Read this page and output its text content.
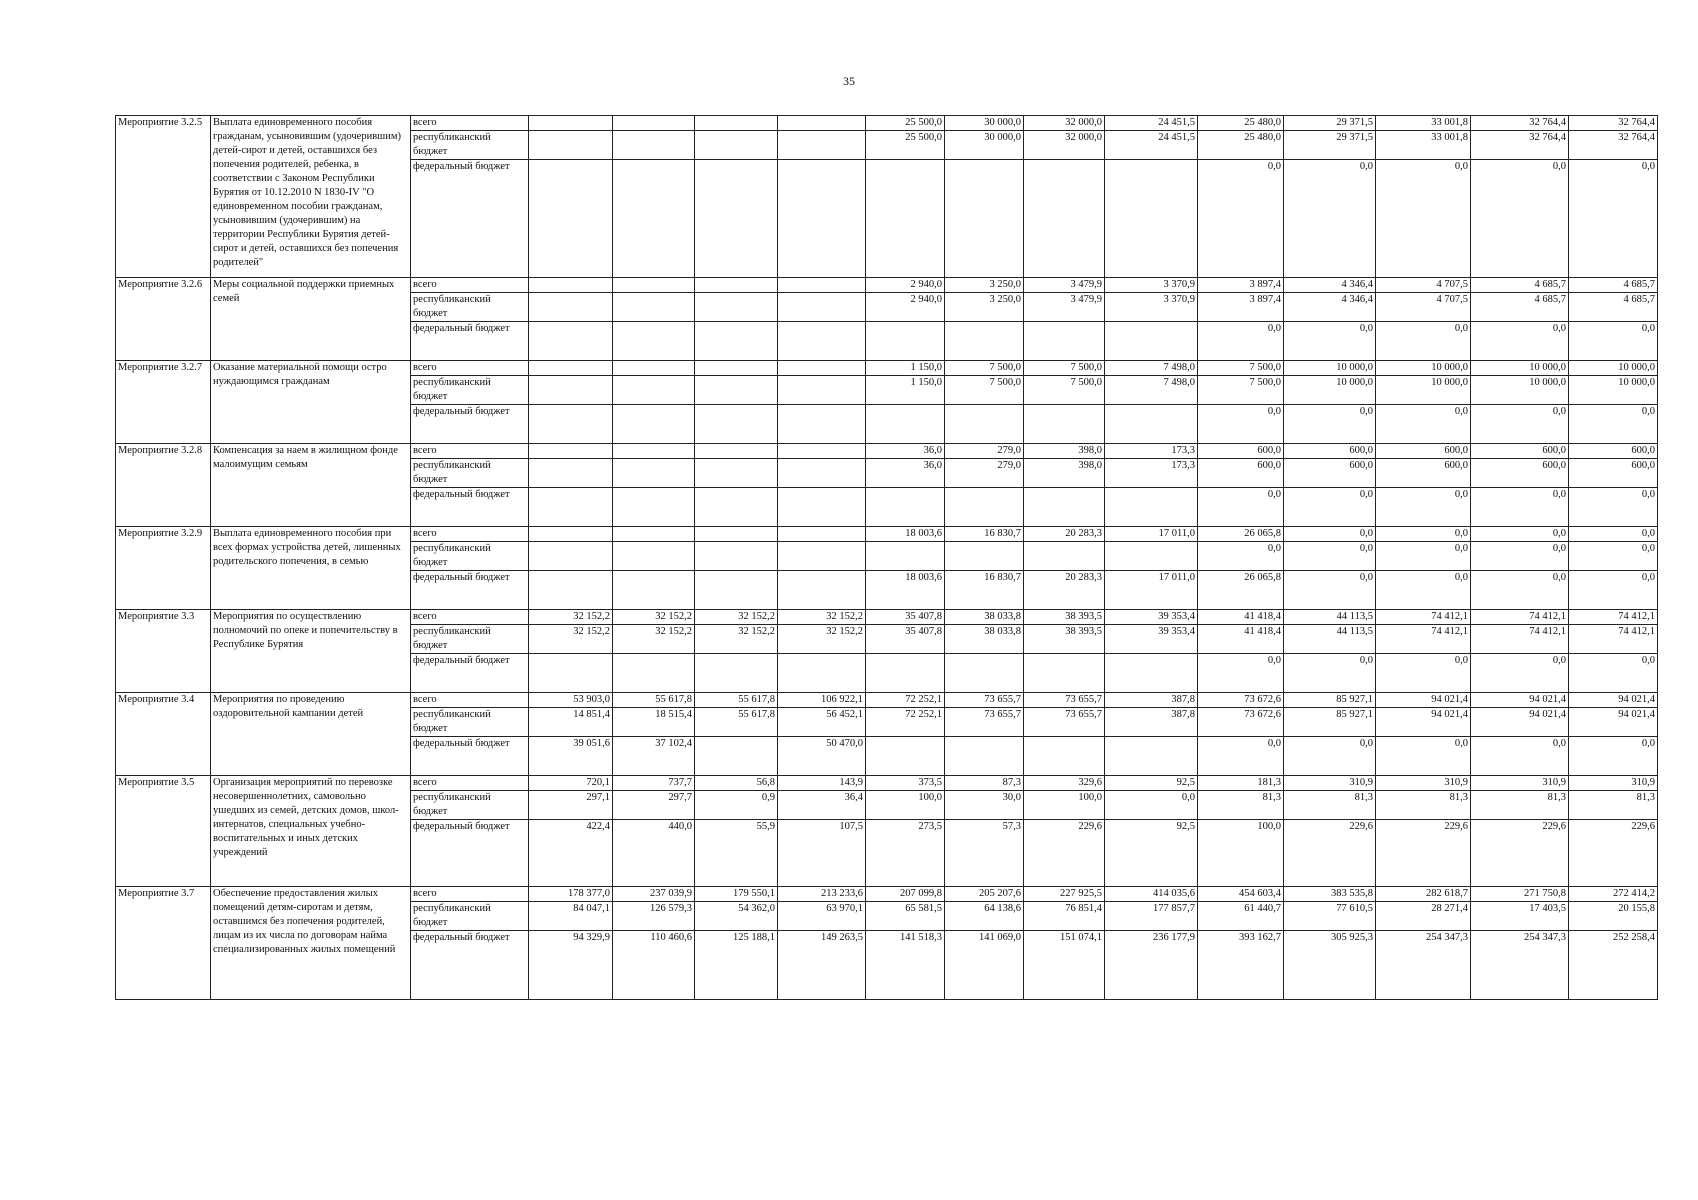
35
Мероприятие 3.2.5	Выплата единовременного пособия гражданам, усыновившим (удочерившим) детей-сирот и детей, оставшихся без попечения родителей, ребенка, в соответствии с Законом Республики Бурятия от 10.12.2010 N 1830-IV "О единовременном пособии гражданам, усыновившим (удочерившим) на территории Республики Бурятия детей-сирот и детей, оставшихся без попечения родителей"	всего					25 500,0	30 000,0	32 000,0	24 451,5	25 480,0	29 371,5	33 001,8	32 764,4	32 764,4
		республиканский бюджет					25 500,0	30 000,0	32 000,0	24 451,5	25 480,0	29 371,5	33 001,8	32 764,4	32 764,4
		федеральный бюджет									0,0	0,0	0,0	0,0	0,0
Мероприятие 3.2.6	Меры социальной поддержки приемных семей	всего					2 940,0	3 250,0	3 479,9	3 370,9	3 897,4	4 346,4	4 707,5	4 685,7	4 685,7
		республиканский бюджет					2 940,0	3 250,0	3 479,9	3 370,9	3 897,4	4 346,4	4 707,5	4 685,7	4 685,7
		федеральный бюджет									0,0	0,0	0,0	0,0	0,0
Мероприятие 3.2.7	Оказание материальной помощи остро нуждающимся гражданам	всего					1 150,0	7 500,0	7 500,0	7 498,0	7 500,0	10 000,0	10 000,0	10 000,0	10 000,0
		республиканский бюджет					1 150,0	7 500,0	7 500,0	7 498,0	7 500,0	10 000,0	10 000,0	10 000,0	10 000,0
		федеральный бюджет									0,0	0,0	0,0	0,0	0,0
Мероприятие 3.2.8	Компенсация за наем в жилищном фонде малоимущим семьям	всего					36,0	279,0	398,0	173,3	600,0	600,0	600,0	600,0	600,0
		республиканский бюджет					36,0	279,0	398,0	173,3	600,0	600,0	600,0	600,0	600,0
		федеральный бюджет									0,0	0,0	0,0	0,0	0,0
Мероприятие 3.2.9	Выплата единовременного пособия при всех формах устройства детей, лишенных родительского попечения, в семью	всего					18 003,6	16 830,7	20 283,3	17 011,0	26 065,8	0,0	0,0	0,0	0,0
		республиканский бюджет									0,0	0,0	0,0	0,0	0,0
		федеральный бюджет					18 003,6	16 830,7	20 283,3	17 011,0	26 065,8	0,0	0,0	0,0	0,0
Мероприятие 3.3	Мероприятия по осуществлению полномочий по опеке и попечительству в Республике Бурятия	всего	32 152,2	32 152,2	32 152,2	32 152,2	35 407,8	38 033,8	38 393,5	39 353,4	41 418,4	44 113,5	74 412,1	74 412,1	74 412,1
		республиканский бюджет	32 152,2	32 152,2	32 152,2	32 152,2	35 407,8	38 033,8	38 393,5	39 353,4	41 418,4	44 113,5	74 412,1	74 412,1	74 412,1
		федеральный бюджет									0,0	0,0	0,0	0,0	0,0
Мероприятие 3.4	Мероприятия по проведению оздоровительной кампании детей	всего	53 903,0	55 617,8	55 617,8	106 922,1	72 252,1	73 655,7	73 655,7	387,8	73 672,6	85 927,1	94 021,4	94 021,4	94 021,4
		республиканский бюджет	14 851,4	18 515,4	55 617,8	56 452,1	72 252,1	73 655,7	73 655,7	387,8	73 672,6	85 927,1	94 021,4	94 021,4	94 021,4
		федеральный бюджет	39 051,6	37 102,4		50 470,0					0,0	0,0	0,0	0,0	0,0
Мероприятие 3.5	Организация мероприятий по перевозке несовершеннолетних, самовольно ушедших из семей, детских домов, школ-интернатов, специальных учебно-воспитательных и иных детских учреждений	всего	720,1	737,7	56,8	143,9	373,5	87,3	329,6	92,5	181,3	310,9	310,9	310,9	310,9
		республиканский бюджет	297,1	297,7	0,9	36,4	100,0	30,0	100,0	0,0	81,3	81,3	81,3	81,3	81,3
		федеральный бюджет	422,4	440,0	55,9	107,5	273,5	57,3	229,6	92,5	100,0	229,6	229,6	229,6	229,6
Мероприятие 3.7	Обеспечение предоставления жилых помещений детям-сиротам и детям, оставшимся без попечения родителей, лицам из их числа по договорам найма специализированных жилых помещений	всего	178 377,0	237 039,9	179 550,1	213 233,6	207 099,8	205 207,6	227 925,5	414 035,6	454 603,4	383 535,8	282 618,7	271 750,8	272 414,2
		республиканский бюджет	84 047,1	126 579,3	54 362,0	63 970,1	65 581,5	64 138,6	76 851,4	177 857,7	61 440,7	77 610,5	28 271,4	17 403,5	20 155,8
		федеральный бюджет	94 329,9	110 460,6	125 188,1	149 263,5	141 518,3	141 069,0	151 074,1	236 177,9	393 162,7	305 925,3	254 347,3	254 347,3	252 258,4
